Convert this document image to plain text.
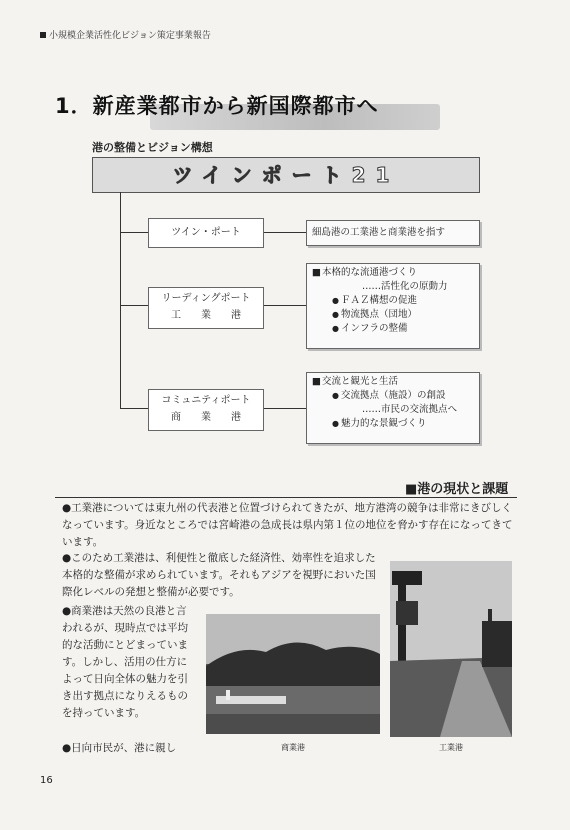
小規模企業活性化ビジョン策定事業報告
1．新産業都市から新国際都市へ
港の整備とビジョン構想
ツインポート21
ツイン・ポート
リーディングポート
工　　業　　港
コミュニティポート
商　　業　　港
細島港の工業港と商業港を指す
■ 本格的な流通港づくり
……活性化の原動力
● ＦＡＺ構想の促進
● 物流拠点（団地）
● インフラの整備
■ 交流と観光と生活
● 交流拠点（施設）の創設
……市民の交流拠点へ
● 魅力的な景観づくり
■ 港の現状と課題
●工業港については東九州の代表港と位置づけられてきたが、地方港湾の競争は非常にきびしくなっています。身近なところでは宮崎港の急成長は県内第１位の地位を脅かす存在になってきています。
●このため工業港は、利便性と徹底した経済性、効率性を追求した本格的な整備が求められています。それもアジアを視野においた国際化レベルの発想と整備が必要です。
●商業港は天然の良港と言われるが、現時点では平均的な活動にとどまっています。しかし、活用の仕方によって日向全体の魅力を引き出す拠点になりえるものを持っています。
●日向市民が、港に親し	商業港	工業港
16
